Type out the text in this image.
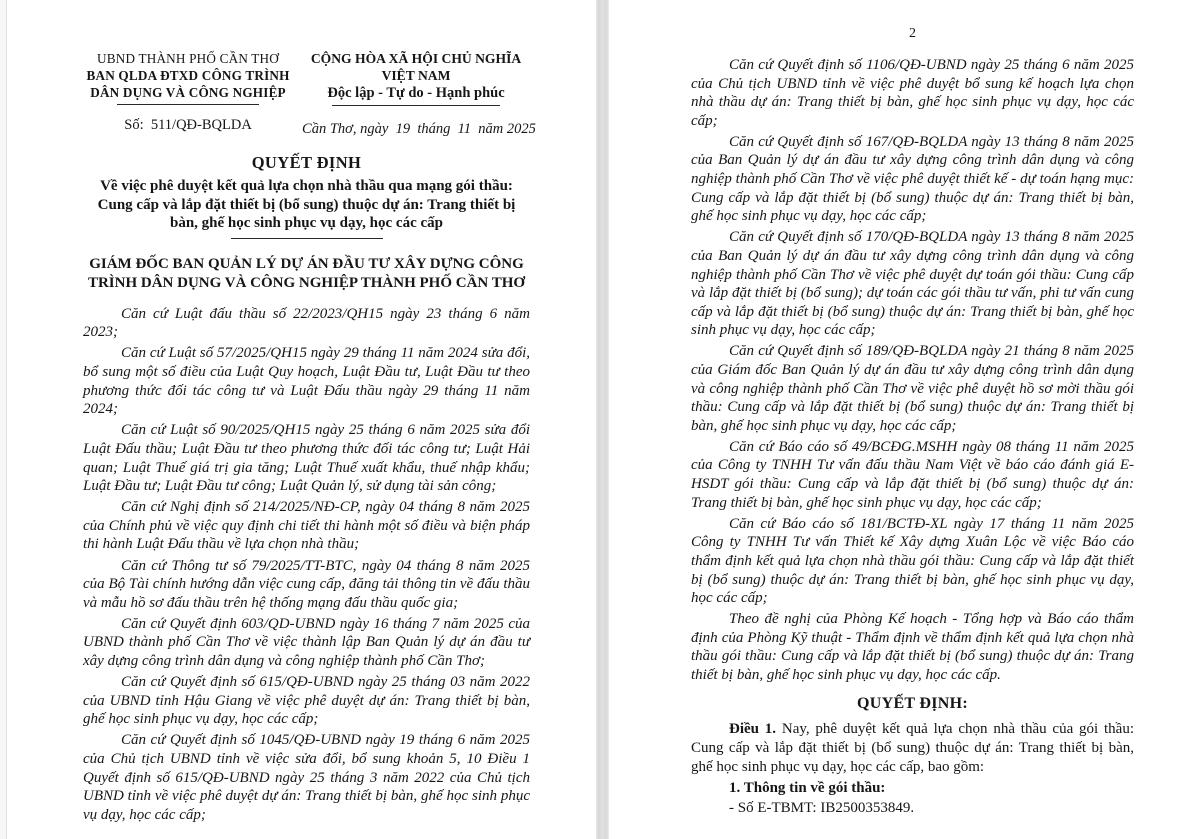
UBND THÀNH PHỐ CẦN THƠ
BAN QLDA ĐTXD CÔNG TRÌNH
DÂN DỤNG VÀ CÔNG NGHIỆP
Số:  511/QĐ-BQLDA
CỘNG HÒA XÃ HỘI CHỦ NGHĨA VIỆT NAM
Độc lập - Tự do - Hạnh phúc
Cần Thơ, ngày  19  tháng  11  năm 2025
QUYẾT ĐỊNH
Về việc phê duyệt kết quả lựa chọn nhà thầu qua mạng gói thầu: Cung cấp và lắp đặt thiết bị (bổ sung) thuộc dự án: Trang thiết bị bàn, ghế học sinh phục vụ dạy, học các cấp
GIÁM ĐỐC BAN QUẢN LÝ DỰ ÁN ĐẦU TƯ XÂY DỰNG CÔNG TRÌNH DÂN DỤNG VÀ CÔNG NGHIỆP THÀNH PHỐ CẦN THƠ

Căn cứ Luật đấu thầu số 22/2023/QH15 ngày 23 tháng 6 năm 2023;

Căn cứ Luật số 57/2025/QH15 ngày 29 tháng 11 năm 2024 sửa đổi, bổ sung một số điều của Luật Quy hoạch, Luật Đầu tư, Luật Đầu tư theo phương thức đối tác công tư và Luật Đấu thầu ngày 29 tháng 11 năm 2024;

Căn cứ Luật số 90/2025/QH15 ngày 25 tháng 6 năm 2025 sửa đổi Luật Đấu thầu; Luật Đầu tư theo phương thức đối tác công tư; Luật Hải quan; Luật Thuế giá trị gia tăng; Luật Thuế xuất khẩu, thuế nhập khẩu; Luật Đầu tư; Luật Đầu tư công; Luật Quản lý, sử dụng tài sản công;

Căn cứ Nghị định số 214/2025/NĐ-CP, ngày 04 tháng 8 năm 2025 của Chính phủ về việc quy định chi tiết thi hành một số điều và biện pháp thi hành Luật Đấu thầu về lựa chọn nhà thầu;

Căn cứ Thông tư số 79/2025/TT-BTC, ngày 04 tháng 8 năm 2025 của Bộ Tài chính hướng dẫn việc cung cấp, đăng tải thông tin về đấu thầu và mẫu hồ sơ đấu thầu trên hệ thống mạng đấu thầu quốc gia;

Căn cứ Quyết định 603/QD-UBND ngày 16 tháng 7 năm 2025 của UBND thành phố Cần Thơ về việc thành lập Ban Quản lý dự án đầu tư xây dựng công trình dân dụng và công nghiệp thành phố Cần Thơ;

Căn cứ Quyết định số 615/QĐ-UBND ngày 25 tháng 03 năm 2022 của UBND tỉnh Hậu Giang về việc phê duyệt dự án: Trang thiết bị bàn, ghế học sinh phục vụ dạy, học các cấp;

Căn cứ Quyết định số 1045/QĐ-UBND ngày 19 tháng 6 năm 2025 của Chủ tịch UBND tỉnh về việc sửa đổi, bổ sung khoản 5, 10 Điều 1 Quyết định số 615/QĐ-UBND ngày 25 tháng 3 năm 2022 của Chủ tịch UBND tỉnh về việc phê duyệt dự án: Trang thiết bị bàn, ghế học sinh phục vụ dạy, học các cấp;

2

Căn cứ Quyết định số 1106/QĐ-UBND ngày 25 tháng 6 năm 2025 của Chủ tịch UBND tỉnh về việc phê duyệt bổ sung kế hoạch lựa chọn nhà thầu dự án: Trang thiết bị bàn, ghế học sinh phục vụ dạy, học các cấp;

Căn cứ Quyết định số 167/QĐ-BQLDA ngày 13 tháng 8 năm 2025 của Ban Quản lý dự án đầu tư xây dựng công trình dân dụng và công nghiệp thành phố Cần Thơ về việc phê duyệt thiết kế - dự toán hạng mục: Cung cấp và lắp đặt thiết bị (bổ sung) thuộc dự án: Trang thiết bị bàn, ghế học sinh phục vụ dạy, học các cấp;

Căn cứ Quyết định số 170/QĐ-BQLDA ngày 13 tháng 8 năm 2025 của Ban Quản lý dự án đầu tư xây dựng công trình dân dụng và công nghiệp thành phố Cần Thơ về việc phê duyệt dự toán gói thầu: Cung cấp và lắp đặt thiết bị (bổ sung); dự toán các gói thầu tư vấn, phi tư vấn cung cấp và lắp đặt thiết bị (bổ sung) thuộc dự án: Trang thiết bị bàn, ghế học sinh phục vụ dạy, học các cấp;

Căn cứ Quyết định số 189/QĐ-BQLDA ngày 21 tháng 8 năm 2025 của Giám đốc Ban Quản lý dự án đầu tư xây dựng công trình dân dụng và công nghiệp thành phố Cần Thơ về việc phê duyệt hồ sơ mời thầu gói thầu: Cung cấp và lắp đặt thiết bị (bổ sung) thuộc dự án: Trang thiết bị bàn, ghế học sinh phục vụ dạy, học các cấp;

Căn cứ Báo cáo số 49/BCĐG.MSHH ngày 08 tháng 11 năm 2025 của Công ty TNHH Tư vấn đấu thầu Nam Việt về báo cáo đánh giá E-HSDT gói thầu: Cung cấp và lắp đặt thiết bị (bổ sung) thuộc dự án: Trang thiết bị bàn, ghế học sinh phục vụ dạy, học các cấp;

Căn cứ Báo cáo số 181/BCTĐ-XL ngày 17 tháng 11 năm 2025 Công ty TNHH Tư vấn Thiết kế Xây dựng Xuân Lộc về việc Báo cáo thẩm định kết quả lựa chọn nhà thầu gói thầu: Cung cấp và lắp đặt thiết bị (bổ sung) thuộc dự án: Trang thiết bị bàn, ghế học sinh phục vụ dạy, học các cấp;

Theo đề nghị của Phòng Kế hoạch - Tổng hợp và Báo cáo thẩm định của Phòng Kỹ thuật - Thẩm định về thẩm định kết quả lựa chọn nhà thầu gói thầu: Cung cấp và lắp đặt thiết bị (bổ sung) thuộc dự án: Trang thiết bị bàn, ghế học sinh phục vụ dạy, học các cấp.

QUYẾT ĐỊNH:

Điều 1. Nay, phê duyệt kết quả lựa chọn nhà thầu của gói thầu: Cung cấp và lắp đặt thiết bị (bổ sung) thuộc dự án: Trang thiết bị bàn, ghế học sinh phục vụ dạy, học các cấp, bao gồm:

1. Thông tin về gói thầu:
- Số E-TBMT: IB2500353849.
